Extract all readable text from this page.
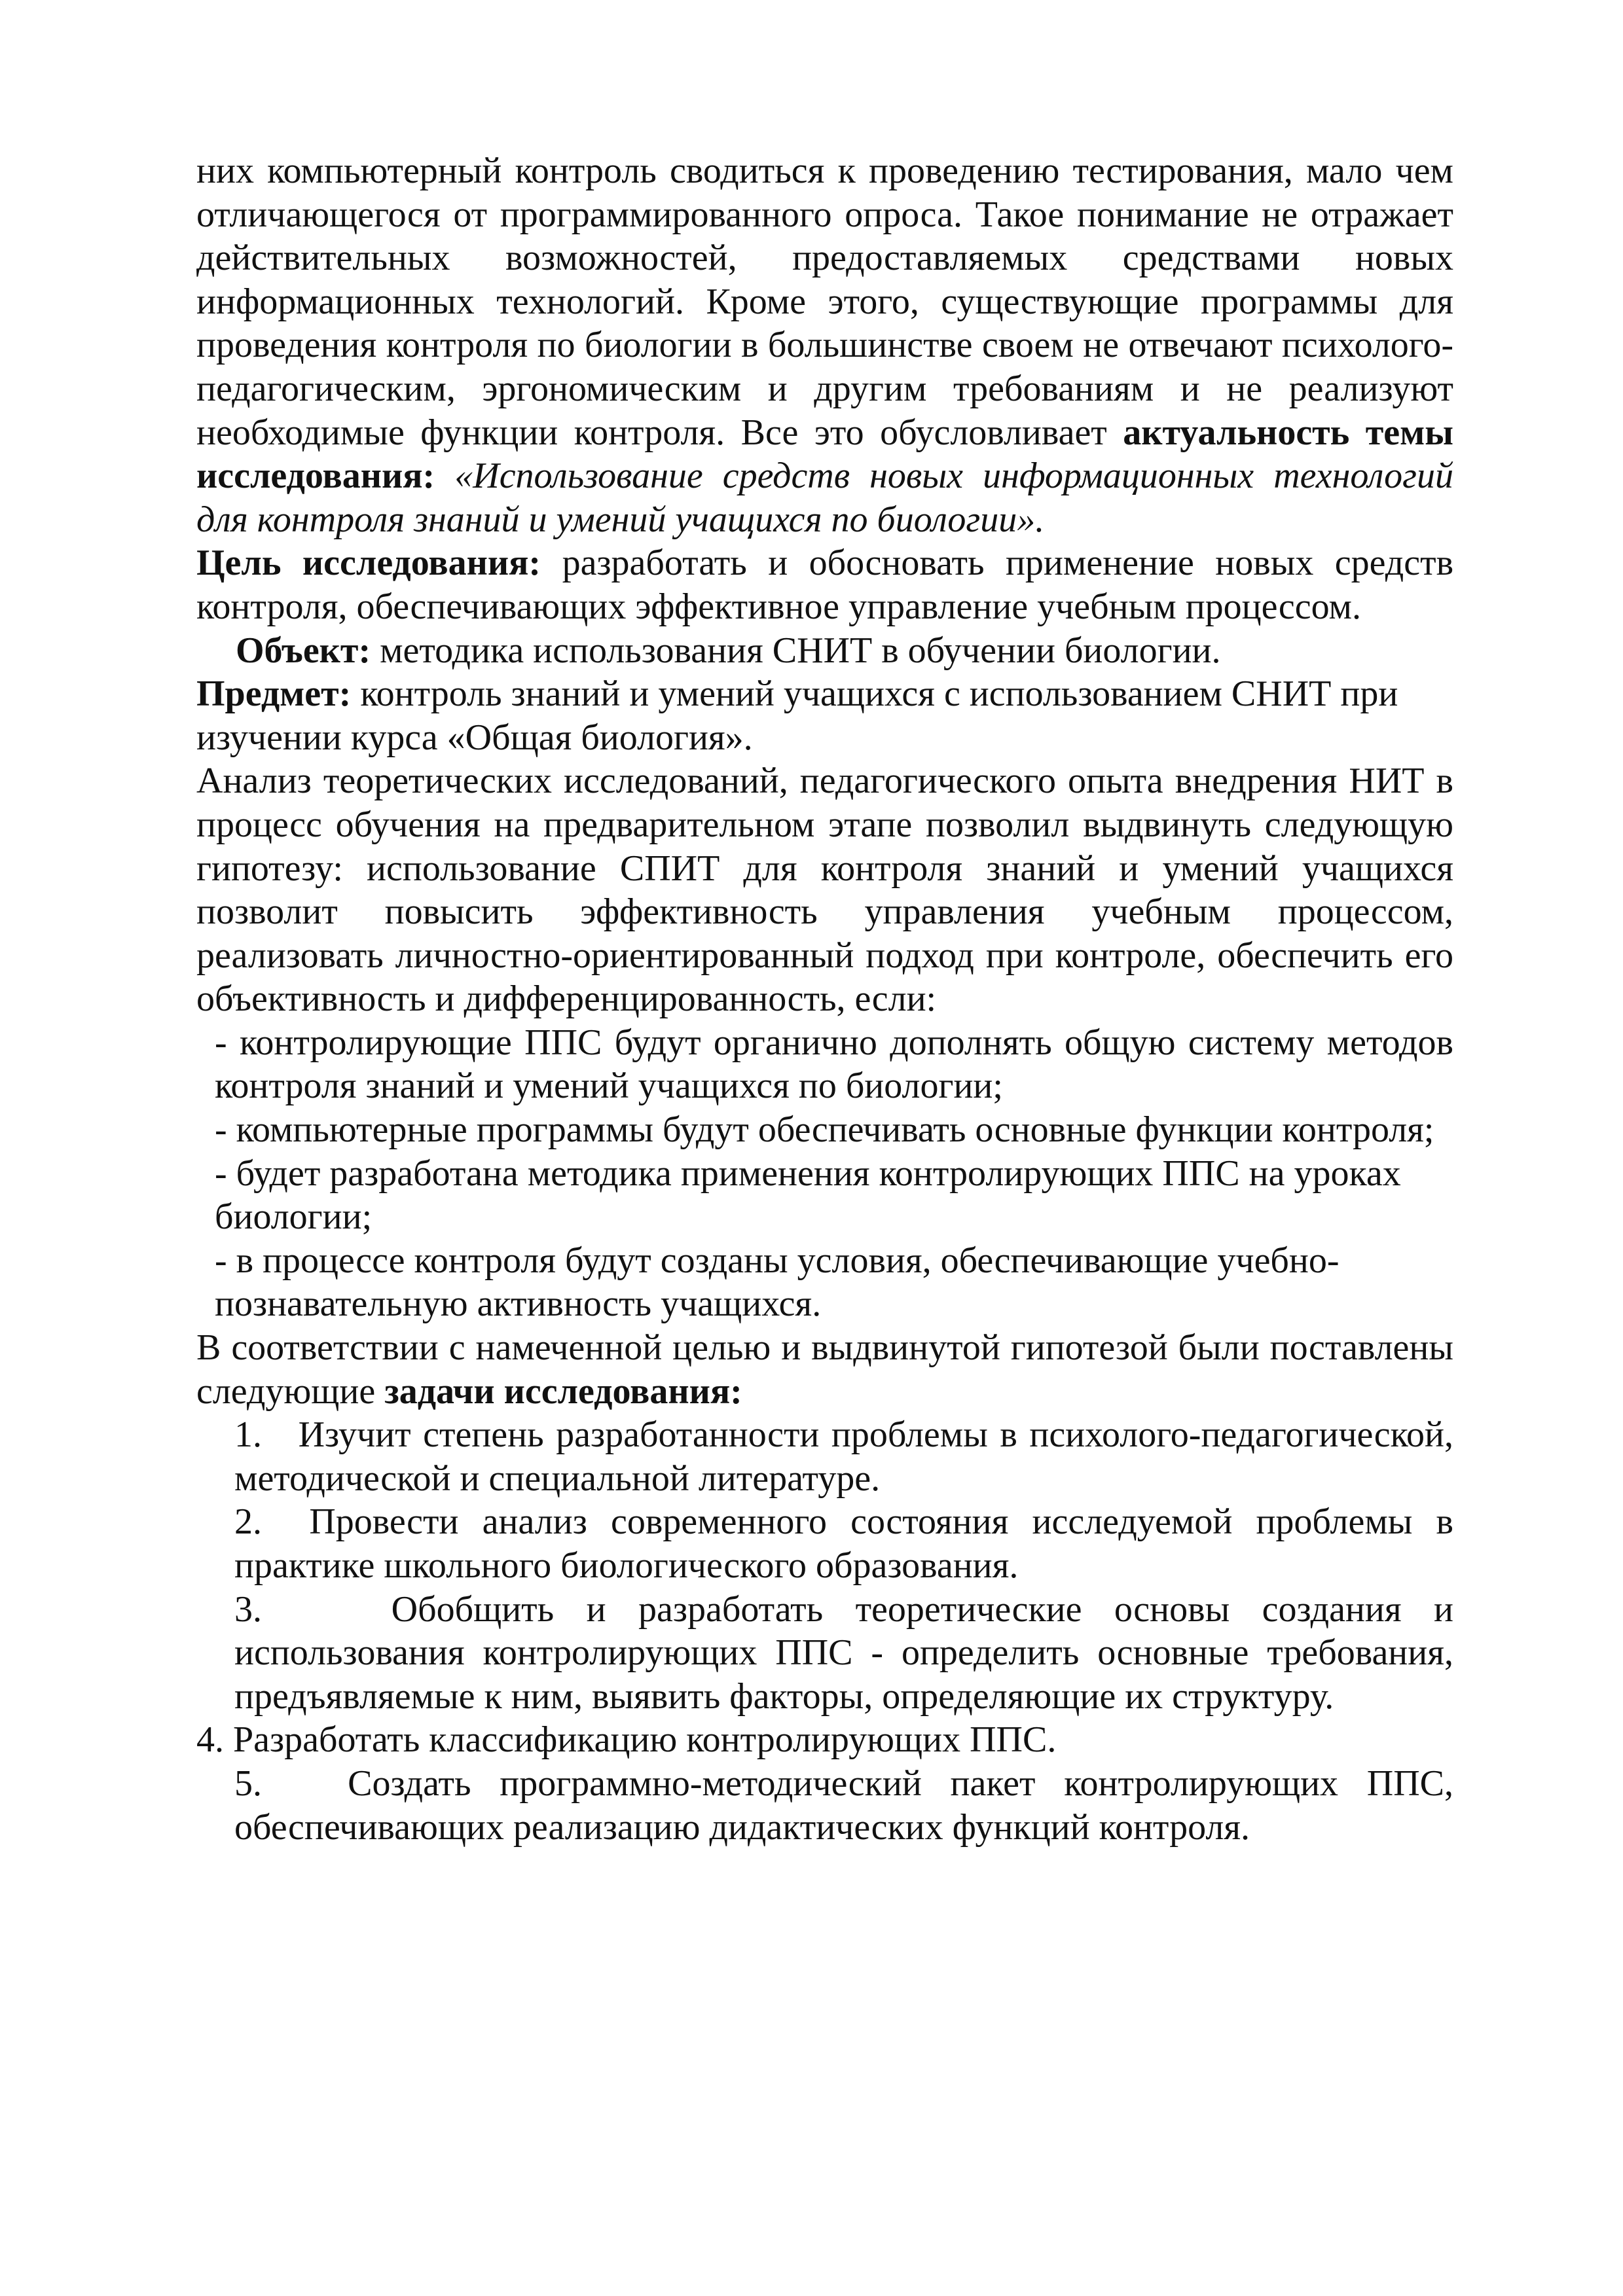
них компьютерный контроль сводиться к проведению тестирования, мало чем отличающегося от программированного опроса. Такое понимание не отражает действительных возможностей, предоставляемых средствами новых информационных технологий. Кроме этого, существующие программы для проведения контроля по биологии в большинстве своем не отвечают психолого-педагогическим, эргономическим и другим требованиям и не реализуют необходимые функции контроля. Все это обусловливает актуальность темы исследования: «Использование средств новых информационных технологий для контроля знаний и умений учащихся по биологии».

Цель исследования: разработать и обосновать применение новых средств контроля, обеспечивающих эффективное управление учебным процессом.

Объект: методика использования СНИТ в обучении биологии.

Предмет: контроль знаний и умений учащихся с использованием СНИТ при изучении курса «Общая биология».

Анализ теоретических исследований, педагогического опыта внедрения НИТ в процесс обучения на предварительном этапе позволил выдвинуть следующую гипотезу: использование СПИТ для контроля знаний и умений учащихся позволит повысить эффективность управления учебным процессом, реализовать личностно-ориентированный подход при контроле, обеспечить его объективность и дифференцированность, если:

- контролирующие ППС будут органично дополнять общую систему методов контроля знаний и умений учащихся по биологии;

- компьютерные программы будут обеспечивать основные функции контроля;

- будет разработана методика применения контролирующих ППС на уроках биологии;

- в процессе контроля будут созданы условия, обеспечивающие учебно-познавательную активность учащихся.

В соответствии с намеченной целью и выдвинутой гипотезой были поставлены следующие задачи исследования:

1.   Изучит степень разработанности проблемы в психолого-педагогической, методической и специальной литературе.

2.  Провести анализ современного состояния исследуемой проблемы в практике школьного биологического образования.

3.    Обобщить и разработать теоретические основы создания и использования контролирующих ППС - определить основные требования, предъявляемые к ним, выявить факторы, определяющие их структуру.

4. Разработать классификацию контролирующих ППС.

5.   Создать программно-методический пакет контролирующих ППС, обеспечивающих реализацию дидактических функций контроля.
